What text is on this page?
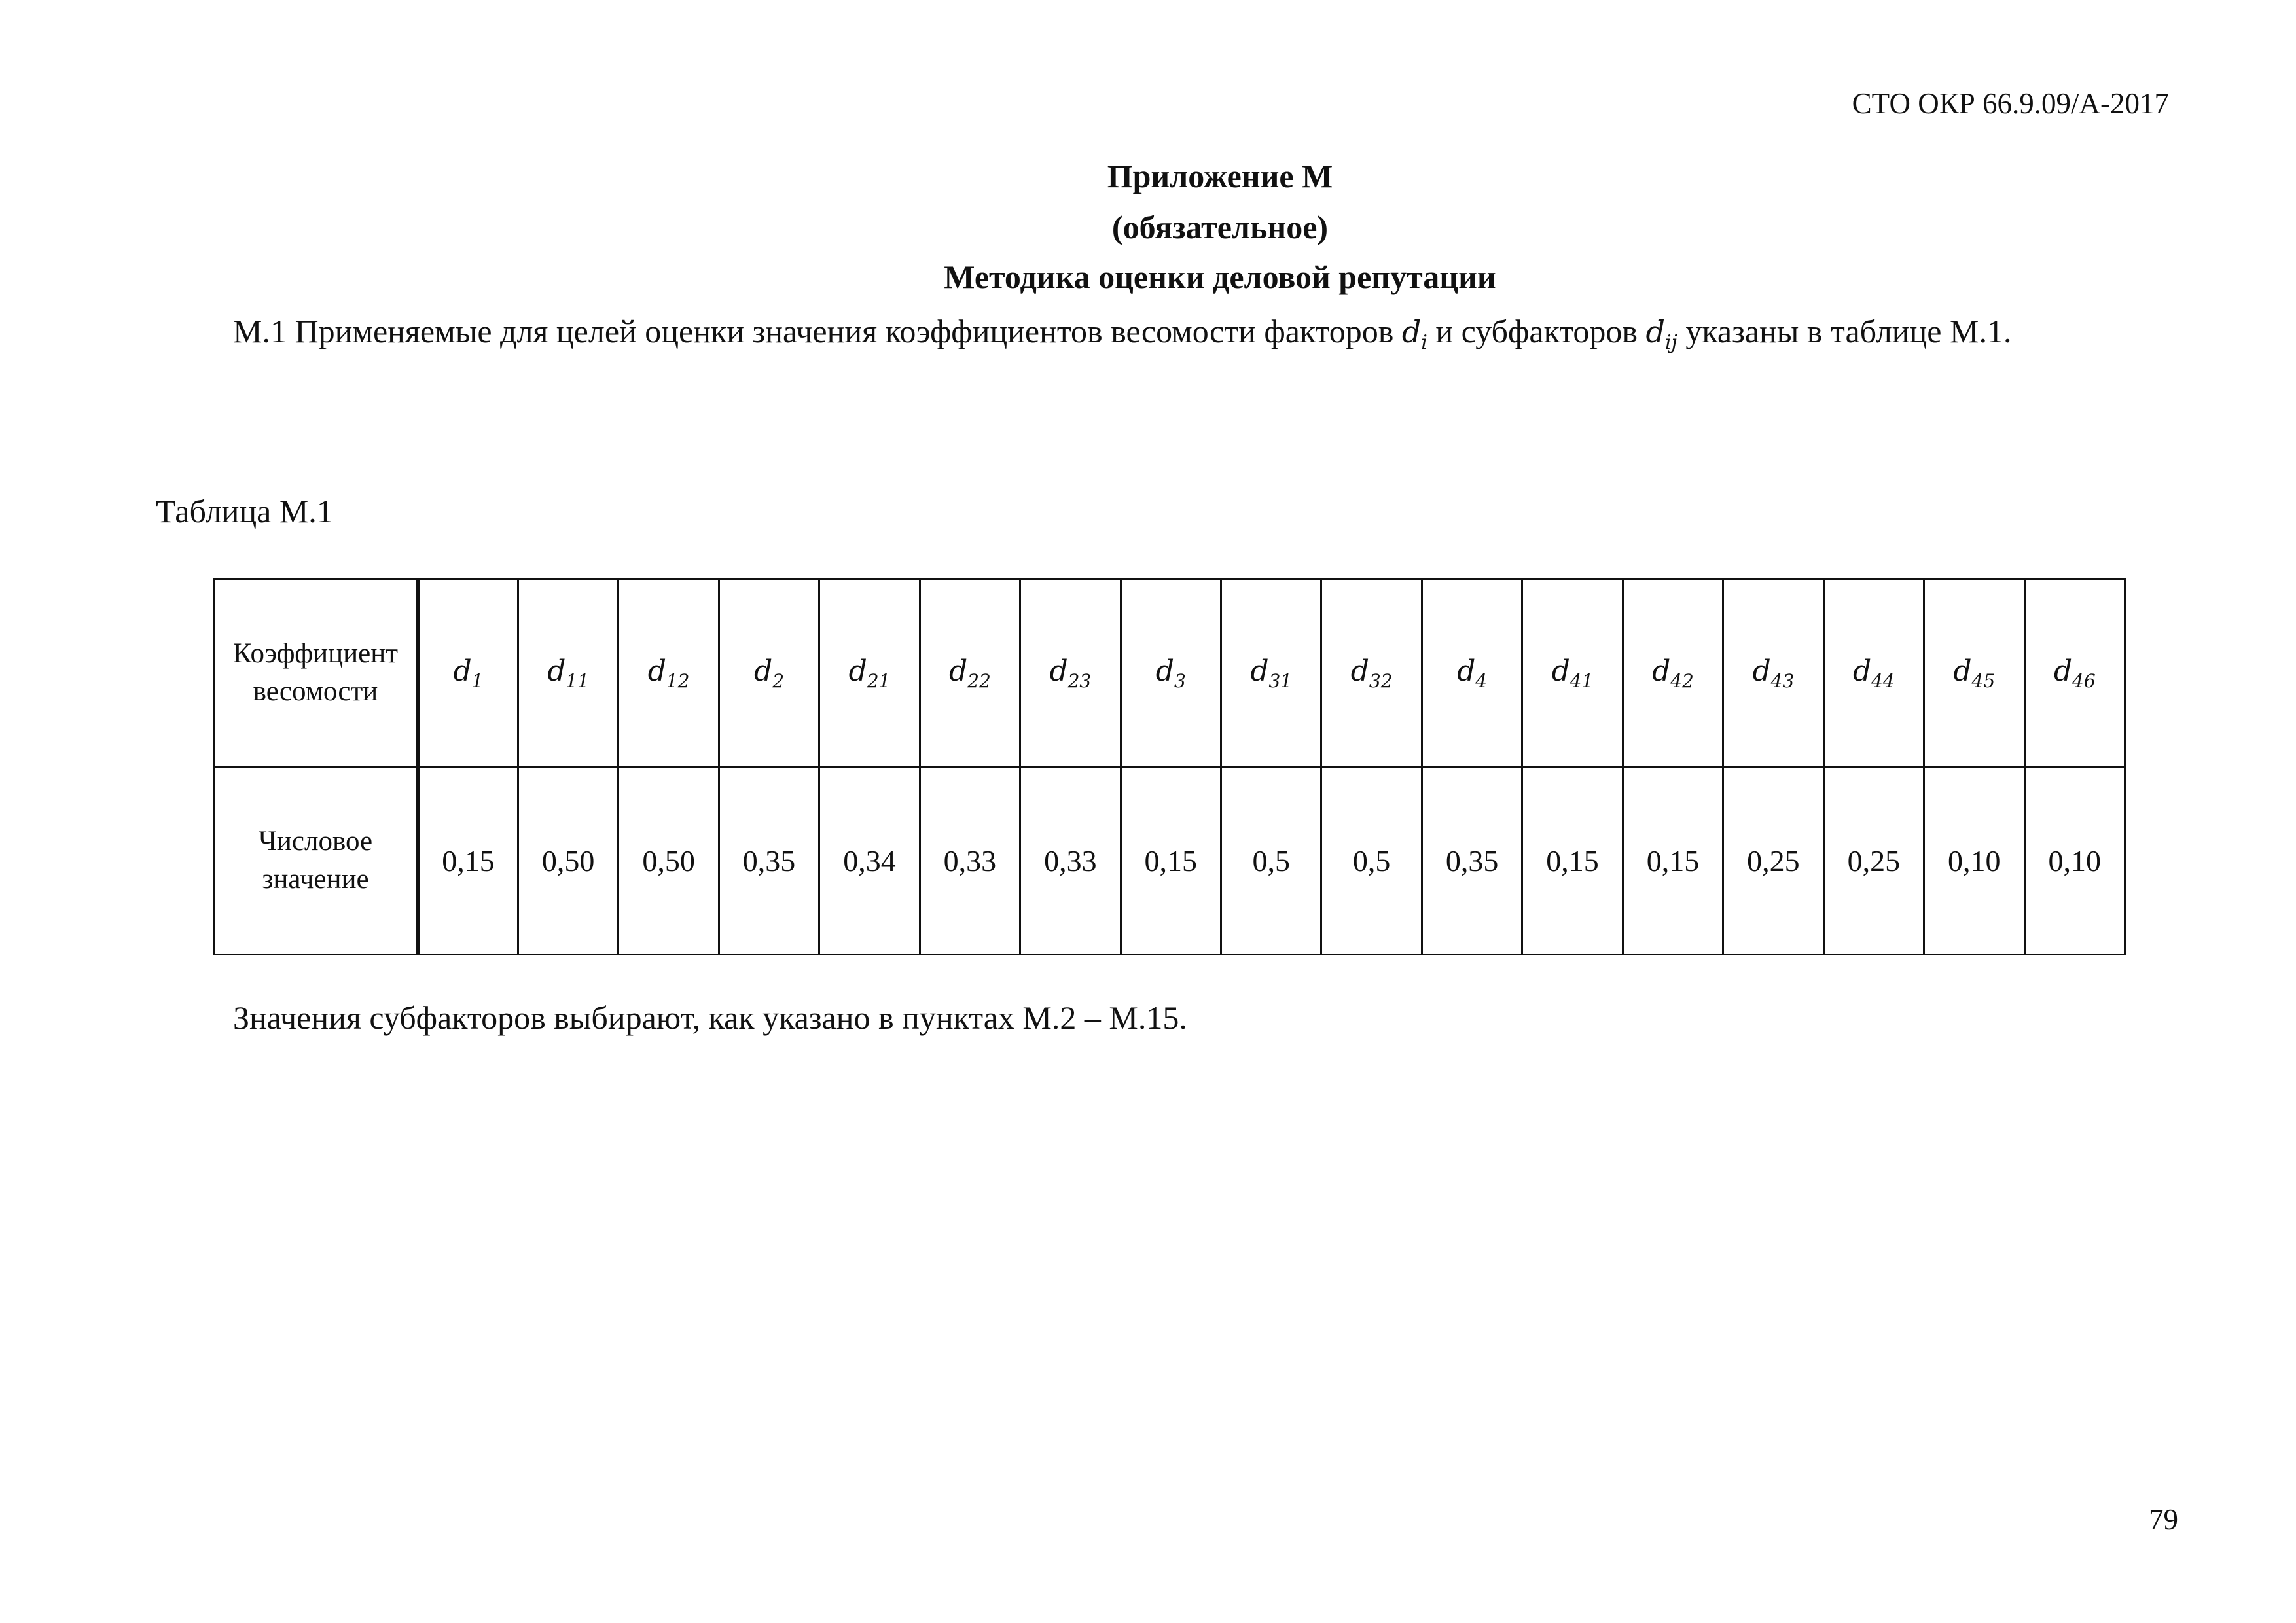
СТО ОКР 66.9.09/А-2017
Приложение М
(обязательное)
Методика оценки деловой репутации
М.1 Применяемые для целей оценки значения коэффициентов весомости факторов $d_i$ и субфакторов $d_{ij}$ указаны в таблице М.1.
Таблица М.1
Коэффициент весомости	$d_1$	$d_{11}$	$d_{12}$	$d_2$	$d_{21}$	$d_{22}$	$d_{23}$	$d_3$	$d_{31}$	$d_{32}$	$d_4$	$d_{41}$	$d_{42}$	$d_{43}$	$d_{44}$	$d_{45}$	$d_{46}$
Числовое значение	0,15	0,50	0,50	0,35	0,34	0,33	0,33	0,15	0,5	0,5	0,35	0,15	0,15	0,25	0,25	0,10	0,10
Значения субфакторов выбирают, как указано в пунктах М.2 – М.15.
79
